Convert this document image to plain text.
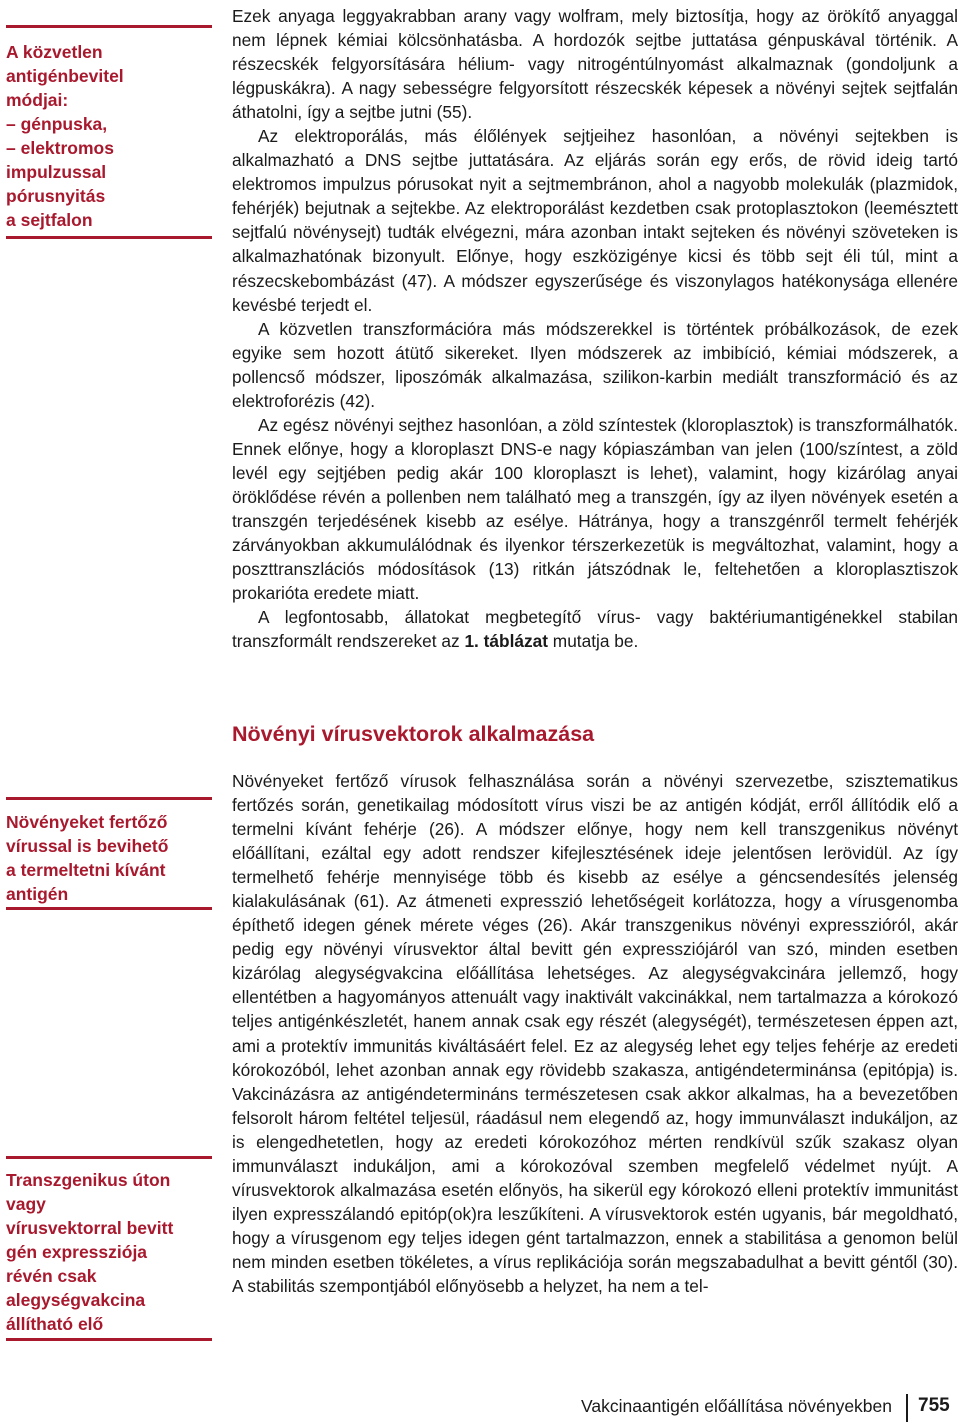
A közvetlen
antigénbevitel
módjai:
– génpuska,
– elektromos
impulzussal
pórusnyitás
a sejtfalon
Növényeket fertőző
vírussal is bevihető
a termeltetni kívánt
antigén
Transzgenikus úton
vagy
vírusvektorral bevitt
gén expressziója
révén csak
alegységvakcina
állítható elő

Ezek anyaga leggyakrabban arany vagy wolfram, mely biztosítja, hogy az örökítő anyaggal nem lépnek kémiai kölcsönhatásba. A hordozók sejtbe juttatása génpuskával történik. A részecskék felgyorsítására hélium- vagy nitrogéntúlnyomást alkalmaznak (gondoljunk a légpuskákra). A nagy sebességre felgyorsított részecskék képesek a növényi sejtek sejtfalán áthatolni, így a sejtbe jutni (55).

Az elektroporálás, más élőlények sejtjeihez hasonlóan, a növényi sejtekben is alkalmazható a DNS sejtbe juttatására. Az eljárás során egy erős, de rövid ideig tartó elektromos impulzus pórusokat nyit a sejtmembránon, ahol a nagyobb molekulák (plazmidok, fehérjék) bejutnak a sejtekbe. Az elektroporálást kezdetben csak protoplasztokon (leemésztett sejtfalú növénysejt) tudták elvégezni, mára azonban intakt sejteken és növényi szöveteken is alkalmazhatónak bizonyult. Előnye, hogy eszközigénye kicsi és több sejt éli túl, mint a részecskebombázást (47). A módszer egyszerűsége és viszonylagos hatékonysága ellenére kevésbé terjedt el.

A közvetlen transzformációra más módszerekkel is történtek próbálkozások, de ezek egyike sem hozott átütő sikereket. Ilyen módszerek az imbibíció, kémiai módszerek, a pollencső módszer, liposzómák alkalmazása, szilikon-karbin mediált transzformáció és az elektroforézis (42).

Az egész növényi sejthez hasonlóan, a zöld színtestek (kloroplasztok) is transzformálhatók. Ennek előnye, hogy a kloroplaszt DNS-e nagy kópiaszámban van jelen (100/színtest, a zöld levél egy sejtjében pedig akár 100 kloroplaszt is lehet), valamint, hogy kizárólag anyai öröklődése révén a pollenben nem található meg a transzgén, így az ilyen növények esetén a transzgén terjedésének kisebb az esélye. Hátránya, hogy a transzgénről termelt fehérjék zárványokban akkumulálódnak és ilyenkor térszerkezetük is megváltozhat, valamint, hogy a poszttranszlációs módosítások (13) ritkán játszódnak le, feltehetően a kloroplasztiszok prokarióta eredete miatt.

A legfontosabb, állatokat megbetegítő vírus- vagy baktériumantigénekkel stabilan transzformált rendszereket az 1. táblázat mutatja be.

Növényi vírusvektorok alkalmazása

Növényeket fertőző vírusok felhasználása során a növényi szervezetbe, szisztematikus fertőzés során, genetikailag módosított vírus viszi be az antigén kódját, erről állítódik elő a termelni kívánt fehérje (26). A módszer előnye, hogy nem kell transzgenikus növényt előállítani, ezáltal egy adott rendszer kifejlesztésének ideje jelentősen lerövidül. Az így termelhető fehérje mennyisége több és kisebb az esélye a géncsendesítés jelenség kialakulásának (61). Az átmeneti expresszió lehetőségeit korlátozza, hogy a vírusgenomba építhető idegen gének mérete véges (26). Akár transzgenikus növényi expresszióról, akár pedig egy növényi vírusvektor által bevitt gén expressziójáról van szó, minden esetben kizárólag alegységvakcina előállítása lehetséges. Az alegységvakcinára jellemző, hogy ellentétben a hagyományos attenuált vagy inaktivált vakcinákkal, nem tartalmazza a kórokozó teljes antigénkészletét, hanem annak csak egy részét (alegységét), természetesen éppen azt, ami a protektív immunitás kiváltásáért felel. Ez az alegység lehet egy teljes fehérje az eredeti kórokozóból, lehet azonban annak egy rövidebb szakasza, antigéndeterminánsa (epitópja) is. Vakcinázásra az antigéndetermináns természetesen csak akkor alkalmas, ha a bevezetőben felsorolt három feltétel teljesül, ráadásul nem elegendő az, hogy immunválaszt indukáljon, az is elengedhetetlen, hogy az eredeti kórokozóhoz mérten rendkívül szűk szakasz olyan immunválaszt indukáljon, ami a kórokozóval szemben megfelelő védelmet nyújt. A vírusvektorok alkalmazása esetén előnyös, ha sikerül egy kórokozó elleni protektív immunitást ilyen expresszálandó epitóp(ok)ra leszűkíteni. A vírusvektorok estén ugyanis, bár megoldható, hogy a vírusgenom egy teljes idegen gént tartalmazzon, ennek a stabilitása a genomon belül nem minden esetben tökéletes, a vírus replikációja során megszabadulhat a bevitt géntől (30). A stabilitás szempontjából előnyösebb a helyzet, ha nem a tel-

Vakcinaantigén előállítása növényekben 755
